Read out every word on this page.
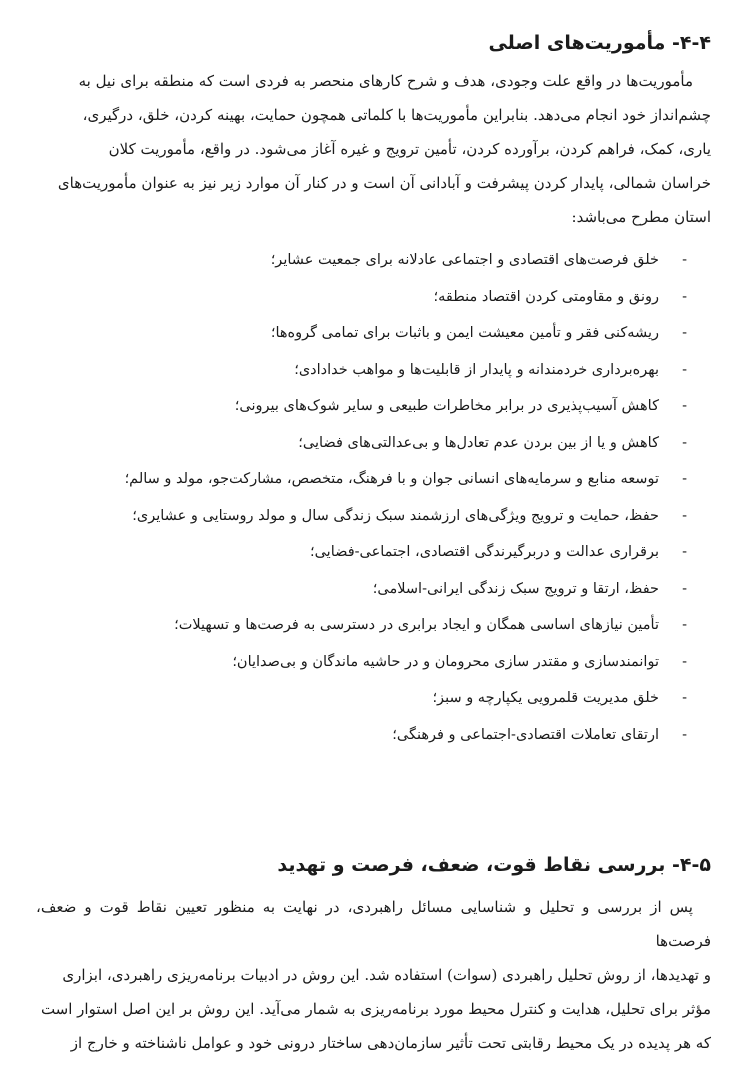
۴-۴- مأموریت‌های اصلی
مأموریت‌ها در واقع علت وجودی، هدف و شرح کارهای منحصر به فردی است که منطقه برای نیل به
چشم‌انداز خود انجام می‌دهد. بنابراین مأموریت‌ها با کلماتی همچون حمایت، بهینه کردن، خلق، درگیری،
یاری، کمک، فراهم کردن، برآورده کردن، تأمین ترویج و غیره آغاز می‌شود. در واقع، مأموریت کلان
خراسان شمالی، پایدار کردن پیشرفت و آبادانی آن است و در کنار آن موارد زیر نیز به عنوان مأموریت‌های
استان مطرح می‌باشد:
-
خلق فرصت‌های اقتصادی و اجتماعی عادلانه برای جمعیت عشایر؛
-
رونق و مقاومتی کردن اقتصاد منطقه؛
-
ریشه‌کنی فقر و تأمین معیشت ایمن و باثبات برای تمامی گروه‌ها؛
-
بهره‌برداری خردمندانه و پایدار از قابلیت‌ها و مواهب خدادادی؛
-
کاهش آسیب‌پذیری در برابر مخاطرات طبیعی و سایر شوک‌های بیرونی؛
-
کاهش و یا از بین بردن عدم تعادل‌ها و بی‌عدالتی‌های فضایی؛
-
توسعه منابع و سرمایه‌های انسانی جوان و با فرهنگ، متخصص، مشارکت‌جو، مولد و سالم؛
-
حفظ، حمایت و ترویج ویژگی‌های ارزشمند سبک زندگی سال و مولد روستایی و عشایری؛
-
برقراری عدالت و دربرگیرندگی اقتصادی، اجتماعی-فضایی؛
-
حفظ، ارتقا و ترویج سبک زندگی ایرانی-اسلامی؛
-
تأمین نیازهای اساسی همگان و ایجاد برابری در دسترسی به فرصت‌ها و تسهیلات؛
-
توانمندسازی و مقتدر سازی محرومان و در حاشیه ماندگان و بی‌صدایان؛
-
خلق مدیریت قلمرویی یکپارچه و سبز؛
-
ارتقای تعاملات اقتصادی-اجتماعی و فرهنگی؛
۴-۵- بررسی نقاط قوت، ضعف، فرصت و تهدید
پس از بررسی و تحلیل و شناسایی مسائل راهبردی، در نهایت به منظور تعیین نقاط قوت و ضعف، فرصت‌ها
و تهدیدها، از روش تحلیل راهبردی (سوات) استفاده شد. این روش در ادبیات برنامه‌ریزی راهبردی، ابزاری
مؤثر برای تحلیل، هدایت و کنترل محیط مورد برنامه‌ریزی به شمار می‌آید. این روش بر این اصل استوار است
که هر پدیده در یک محیط رقابتی تحت تأثیر سازمان‌دهی ساختار درونی خود و عوامل ناشناخته و خارج از
